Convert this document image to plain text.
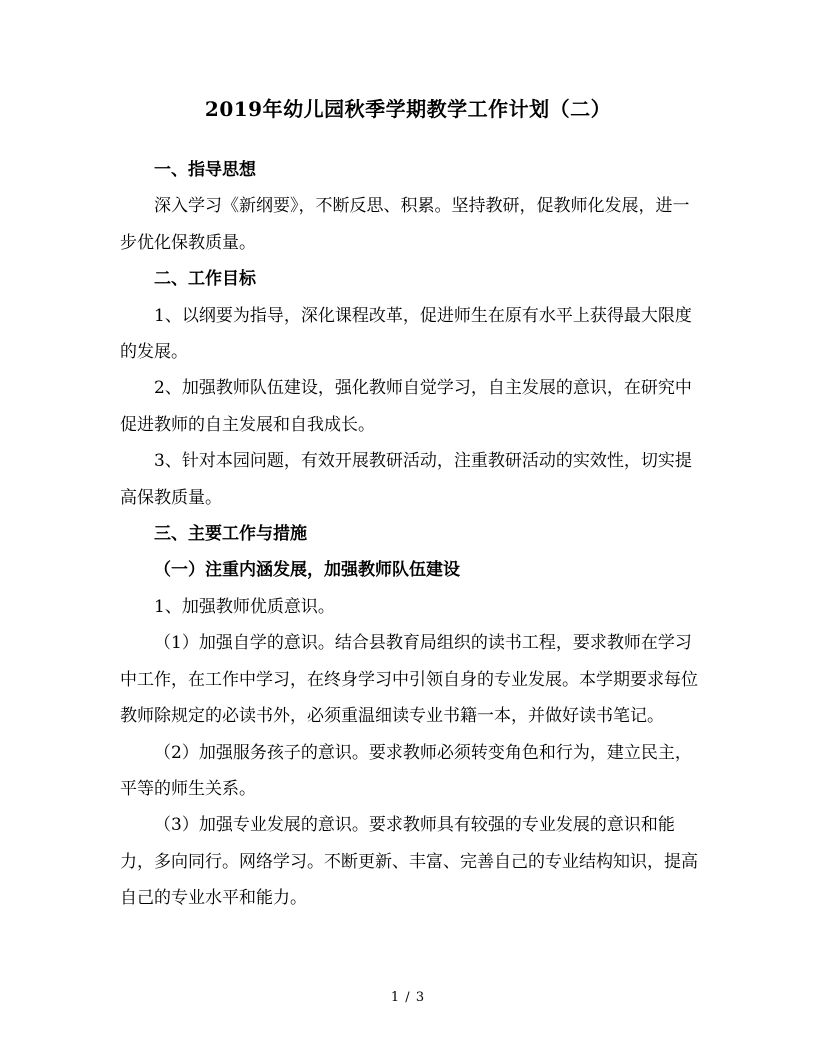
2019年幼儿园秋季学期教学工作计划（二）

一、指导思想

深入学习《新纲要》，不断反思、积累。坚持教研，促教师化发展，进一步优化保教质量。

二、工作目标

1、以纲要为指导，深化课程改革，促进师生在原有水平上获得最大限度的发展。

2、加强教师队伍建设，强化教师自觉学习，自主发展的意识，在研究中促进教师的自主发展和自我成长。

3、针对本园问题，有效开展教研活动，注重教研活动的实效性，切实提高保教质量。

三、主要工作与措施

（一）注重内涵发展，加强教师队伍建设

1、加强教师优质意识。

（1）加强自学的意识。结合县教育局组织的读书工程，要求教师在学习中工作，在工作中学习，在终身学习中引领自身的专业发展。本学期要求每位教师除规定的必读书外，必须重温细读专业书籍一本，并做好读书笔记。

（2）加强服务孩子的意识。要求教师必须转变角色和行为，建立民主，平等的师生关系。

（3）加强专业发展的意识。要求教师具有较强的专业发展的意识和能力，多向同行。网络学习。不断更新、丰富、完善自己的专业结构知识，提高自己的专业水平和能力。

1 / 3
